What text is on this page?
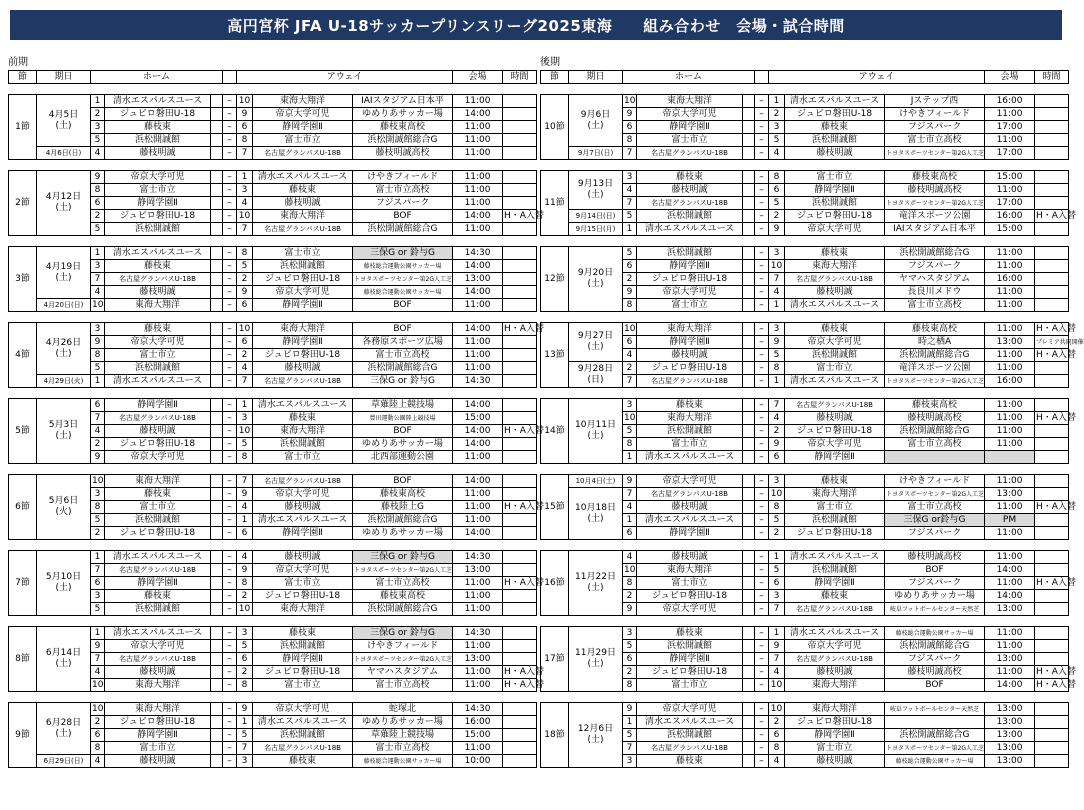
高円宮杯 JFA U-18サッカープリンスリーグ2025東海　　組み合わせ　会場・試合時間
前期
節	期日	ホーム				アウェイ			会場	時間	

1節	4月5日
(土)	1	清水エスパルスユース		–	10	東海大翔洋	IAIスタジアム日本平	11:00		
		2	ジュビロ磐田U-18		–	9	帝京大学可児	ゆめりあサッカー場	14:00		
		3	藤枝東		–	6	静岡学園Ⅱ	藤枝東高校	11:00		
		5	浜松開誠館		–	8	富士市立	浜松開誠館総合G	11:00		
	4月6日(日)	4	藤枝明誠		–	7	名古屋グランパスU-18B	藤枝明誠高校	11:00		

2節	4月12日
(土)	9	帝京大学可児		–	1	清水エスパルスユース	けやきフィールド	11:00		
		8	富士市立		–	3	藤枝東	富士市立高校	11:00		
		6	静岡学園Ⅱ		–	4	藤枝明誠	フジスパーク	11:00		
		2	ジュビロ磐田U-18		–	10	東海大翔洋	BOF	14:00	H・A入替	
		5	浜松開誠館		–	7	名古屋グランパスU-18B	浜松開誠館総合G	11:00		

3節	4月19日
(土)	1	清水エスパルスユース		–	8	富士市立	三保G or 鈴与G	14:30		
		3	藤枝東		–	5	浜松開誠館	藤枝総合運動公園サッカー場	14:00		
		7	名古屋グランパスU-18B		–	2	ジュビロ磐田U-18	トヨタスポーツセンター第2G人工芝	13:00		
		4	藤枝明誠		–	9	帝京大学可児	藤枝総合運動公園サッカー場	14:00		
	4月20日(日)	10	東海大翔洋		–	6	静岡学園Ⅱ	BOF	11:00		

4節	4月26日
(土)	3	藤枝東		–	10	東海大翔洋	BOF	14:00	H・A入替	
		9	帝京大学可児		–	6	静岡学園Ⅱ	各務原スポーツ広場	11:00		
		8	富士市立		–	2	ジュビロ磐田U-18	富士市立高校	11:00		
		5	浜松開誠館		–	4	藤枝明誠	浜松開誠館総合G	11:00		
	4月29日(火)	1	清水エスパルスユース		–	7	名古屋グランパスU-18B	三保G or 鈴与G	14:30		

5節	5月3日
(土)	6	静岡学園Ⅱ		–	1	清水エスパルスユース	草薙陸上競技場	14:00		
		7	名古屋グランパスU-18B		–	3	藤枝東	豊田運動公園陸上競技場	15:00		
		4	藤枝明誠		–	10	東海大翔洋	BOF	14:00	H・A入替	
		2	ジュビロ磐田U-18		–	5	浜松開誠館	ゆめりあサッカー場	14:00		
		9	帝京大学可児		–	8	富士市立	北西部運動公園	11:00		

6節	5月6日
(火)	10	東海大翔洋		–	7	名古屋グランパスU-18B	BOF	14:00		
		3	藤枝東		–	9	帝京大学可児	藤枝東高校	11:00		
		8	富士市立		–	4	藤枝明誠	藤枝陸上G	11:00	H・A入替	
		5	浜松開誠館		–	1	清水エスパルスユース	浜松開誠館総合G	11:00		
		2	ジュビロ磐田U-18		–	6	静岡学園Ⅱ	ゆめりあサッカー場	14:00		

7節	5月10日
(土)	1	清水エスパルスユース		–	4	藤枝明誠	三保G or 鈴与G	14:30		
		7	名古屋グランパスU-18B		–	9	帝京大学可児	トヨタスポーツセンター第2G人工芝	13:00		
		6	静岡学園Ⅱ		–	8	富士市立	富士市立高校	11:00	H・A入替	
		3	藤枝東		–	2	ジュビロ磐田U-18	藤枝東高校	11:00		
		5	浜松開誠館		–	10	東海大翔洋	浜松開誠館総合G	11:00		

8節	6月14日
(土)	1	清水エスパルスユース		–	3	藤枝東	三保G or 鈴与G	14:30		
		9	帝京大学可児		–	5	浜松開誠館	けやきフィールド	11:00		
		7	名古屋グランパスU-18B		–	6	静岡学園Ⅱ	トヨタスポーツセンター第2G人工芝	13:00		
		4	藤枝明誠		–	2	ジュビロ磐田U-18	ヤマハスタジアム	11:00	H・A入替	
		10	東海大翔洋		–	8	富士市立	富士市立高校	11:00	H・A入替	

9節	6月28日
(土)	10	東海大翔洋		–	9	帝京大学可児	蛇塚北	14:30		
		2	ジュビロ磐田U-18		–	1	清水エスパルスユース	ゆめりあサッカー場	16:00		
		6	静岡学園Ⅱ		–	5	浜松開誠館	草薙陸上競技場	15:00		
		8	富士市立		–	7	名古屋グランパスU-18B	富士市立高校	11:00		
	6月29日(日)	4	藤枝明誠		–	3	藤枝東	藤枝総合運動公園サッカー場	10:00		
後期
節	期日	ホーム				アウェイ			会場	時間	

10節	9月6日
(土)	10	東海大翔洋		–	1	清水エスパルスユース	Jステップ西	16:00		
		9	帝京大学可児		–	2	ジュビロ磐田U-18	けやきフィールド	11:00		
		6	静岡学園Ⅱ		–	3	藤枝東	フジスパーク	17:00		
		8	富士市立		–	5	浜松開誠館	富士市立高校	11:00		
	9月7日(日)	7	名古屋グランパスU-18B		–	4	藤枝明誠	トヨタスポーツセンター第2G人工芝	17:00		

11節	9月13日
(土)	3	藤枝東		–	8	富士市立	藤枝東高校	15:00		
		4	藤枝明誠		–	6	静岡学園Ⅱ	藤枝明誠高校	11:00		
		7	名古屋グランパスU-18B		–	5	浜松開誠館	トヨタスポーツセンター第2G人工芝	17:00		
	9月14日(日)	5	浜松開誠館		–	2	ジュビロ磐田U-18	竜洋スポーツ公園	16:00	H・A入替	
	9月15日(月)	1	清水エスパルスユース		–	9	帝京大学可児	IAIスタジアム日本平	15:00		

12節	9月20日
(土)	5	浜松開誠館		–	3	藤枝東	浜松開誠館総合G	11:00		
		6	静岡学園Ⅱ		–	10	東海大翔洋	フジスパーク	11:00		
		2	ジュビロ磐田U-18		–	7	名古屋グランパスU-18B	ヤマハスタジアム	16:00		
		9	帝京大学可児		–	4	藤枝明誠	長良川メドウ	11:00		
		8	富士市立		–	1	清水エスパルスユース	富士市立高校	11:00		

13節	9月27日
(土)	10	東海大翔洋		–	3	藤枝東	藤枝東高校	11:00	H・A入替	
		6	静岡学園Ⅱ		–	9	帝京大学可児	時之栖A	13:00	プレミア共同開催	
		4	藤枝明誠		–	5	浜松開誠館	浜松開誠館総合G	11:00	H・A入替	
	9月28日(日)	2	ジュビロ磐田U-18		–	8	富士市立	竜洋スポーツ公園	11:00		
		7	名古屋グランパスU-18B		–	1	清水エスパルスユース	トヨタスポーツセンター第2G人工芝	16:00		

14節	10月11日
(土)	3	藤枝東		–	7	名古屋グランパスU-18B	藤枝東高校	11:00		
		10	東海大翔洋		–	4	藤枝明誠	藤枝明誠高校	11:00	H・A入替	
		5	浜松開誠館		–	2	ジュビロ磐田U-18	浜松開誠館総合G	11:00		
		8	富士市立		–	9	帝京大学可児	富士市立高校	11:00		
		1	清水エスパルスユース		–	6	静岡学園Ⅱ				

15節	10月4日(土)	9	帝京大学可児		–	3	藤枝東	けやきフィールド	11:00		
	10月18日
(土)	7	名古屋グランパスU-18B		–	10	東海大翔洋	トヨタスポーツセンター第2G人工芝	13:00		
		4	藤枝明誠		–	8	富士市立	富士市立高校	11:00	H・A入替	
		1	清水エスパルスユース		–	5	浜松開誠館	三保G or鈴与G	PM		
		6	静岡学園Ⅱ		–	2	ジュビロ磐田U-18	フジスパーク	11:00		

16節	11月22日
(土)	4	藤枝明誠		–	1	清水エスパルスユース	藤枝明誠高校	11:00		
		10	東海大翔洋		–	5	浜松開誠館	BOF	14:00		
		8	富士市立		–	6	静岡学園Ⅱ	フジスパーク	11:00	H・A入替	
		2	ジュビロ磐田U-18		–	3	藤枝東	ゆめりあサッカー場	14:00		
		9	帝京大学可児		–	7	名古屋グランパスU-18B	岐阜フットボールセンター天然芝	13:00		

17節	11月29日
(土)	3	藤枝東		–	1	清水エスパルスユース	藤枝総合運動公園サッカー場	11:00		
		5	浜松開誠館		–	9	帝京大学可児	浜松開誠館総合G	11:00		
		6	静岡学園Ⅱ		–	7	名古屋グランパスU-18B	フジスパーク	13:00		
		2	ジュビロ磐田U-18		–	4	藤枝明誠	藤枝明誠高校	11:00	H・A入替	
		8	富士市立		–	10	東海大翔洋	BOF	14:00	H・A入替	

18節	12月6日
(土)	9	帝京大学可児		–	10	東海大翔洋	岐阜フットボールセンター天然芝	13:00		
		1	清水エスパルスユース		–	2	ジュビロ磐田U-18		13:00		
		5	浜松開誠館		–	6	静岡学園Ⅱ	浜松開誠館総合G	13:00		
		7	名古屋グランパスU-18B		–	8	富士市立	トヨタスポーツセンター第2G人工芝	13:00		
		3	藤枝東		–	4	藤枝明誠	藤枝総合運動公園サッカー場	13:00		
